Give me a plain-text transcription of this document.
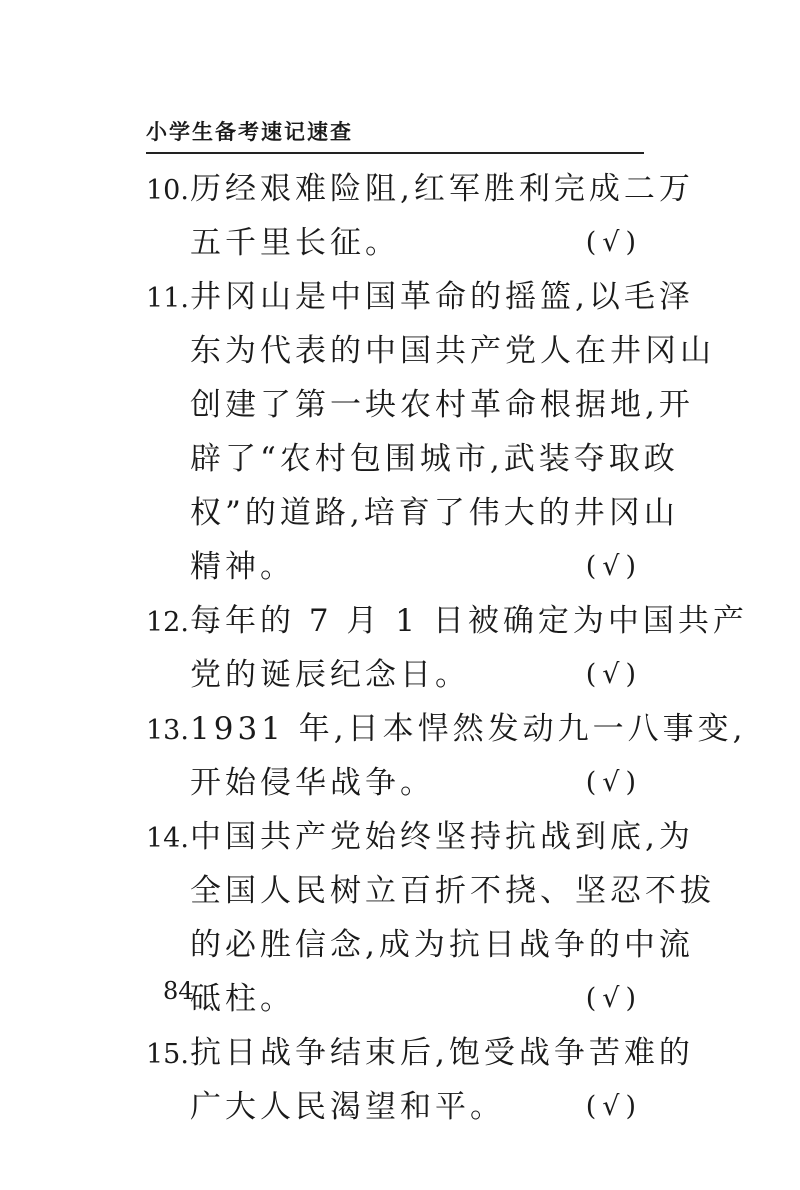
小学生备考速记速查
10.历经艰难险阻,红军胜利完成二万
五千里长征。	(√)
11.井冈山是中国革命的摇篮,以毛泽
东为代表的中国共产党人在井冈山
创建了第一块农村革命根据地,开
辟了“农村包围城市,武装夺取政
权”的道路,培育了伟大的井冈山
精神。	(√)
12.每年的 7 月 1 日被确定为中国共产
党的诞辰纪念日。	(√)
13.1931 年,日本悍然发动九一八事变,
开始侵华战争。	(√)
14.中国共产党始终坚持抗战到底,为
全国人民树立百折不挠、坚忍不拔
的必胜信念,成为抗日战争的中流
砥柱。	(√)
15.抗日战争结束后,饱受战争苦难的
广大人民渴望和平。	(√)
84
